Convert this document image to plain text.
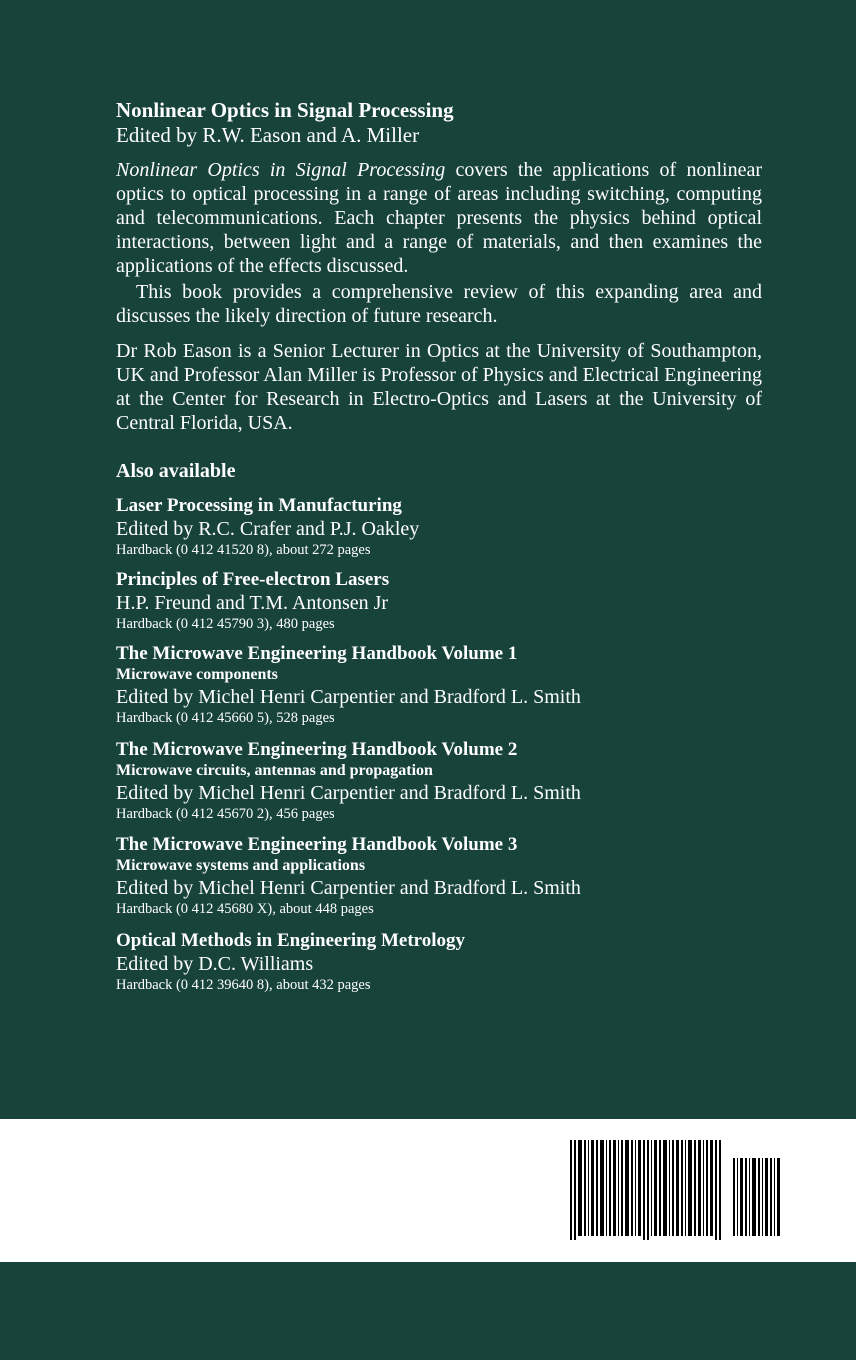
Nonlinear Optics in Signal Processing

Edited by R.W. Eason and A. Miller

Nonlinear Optics in Signal Processing covers the applications of nonlinear optics to optical processing in a range of areas including switching, computing and telecommunications. Each chapter presents the physics behind optical interactions, between light and a range of materials, and then examines the applications of the effects discussed.

This book provides a comprehensive review of this expanding area and discusses the likely direction of future research.

Dr Rob Eason is a Senior Lecturer in Optics at the University of Southampton, UK and Professor Alan Miller is Professor of Physics and Electrical Engineering at the Center for Research in Electro-Optics and Lasers at the University of Central Florida, USA.

Also available

Laser Processing in Manufacturing
Edited by R.C. Crafer and P.J. Oakley
Hardback (0 412 41520 8), about 272 pages
Principles of Free-electron Lasers
H.P. Freund and T.M. Antonsen Jr
Hardback (0 412 45790 3), 480 pages
The Microwave Engineering Handbook Volume 1
Microwave components
Edited by Michel Henri Carpentier and Bradford L. Smith
Hardback (0 412 45660 5), 528 pages
The Microwave Engineering Handbook Volume 2
Microwave circuits, antennas and propagation
Edited by Michel Henri Carpentier and Bradford L. Smith
Hardback (0 412 45670 2), 456 pages
The Microwave Engineering Handbook Volume 3
Microwave systems and applications
Edited by Michel Henri Carpentier and Bradford L. Smith
Hardback (0 412 45680 X), about 448 pages
Optical Methods in Engineering Metrology
Edited by D.C. Williams
Hardback (0 412 39640 8), about 432 pages
CHAPMAN & HALL
London · Glasgow · New York · Tokyo · Melbourne · Madras
Co-published in the United States with Singular
Publishing Group, Inc., San Diego, California
ISBN 0–442–31658–5 (USA only)
ISBN 0-412-39560-6
90000
9 780412 395604
